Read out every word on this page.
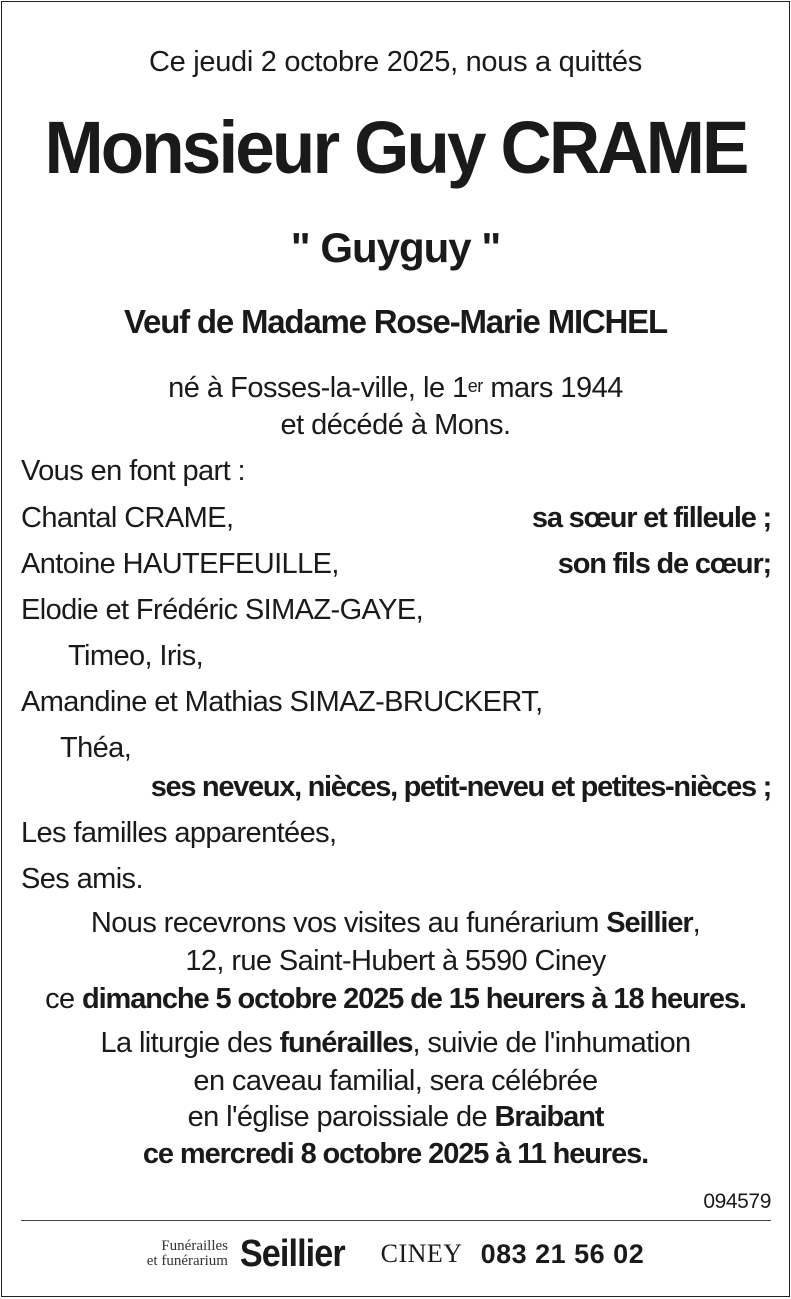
Ce jeudi 2 octobre 2025, nous a quittés
Monsieur Guy CRAME
" Guyguy "
Veuf de Madame Rose-Marie MICHEL
né à Fosses-la-ville, le 1er mars 1944
et décédé à Mons.
Vous en font part :
Chantal CRAME,	sa sœur et filleule ;
Antoine HAUTEFEUILLE,	son fils de cœur;
Elodie et Frédéric SIMAZ-GAYE,
Timeo, Iris,
Amandine et Mathias SIMAZ-BRUCKERT,
Théa,
ses neveux, nièces, petit-neveu et petites-nièces ;
Les familles apparentées,
Ses amis.
Nous recevrons vos visites au funérarium Seillier,
12, rue Saint-Hubert à 5590 Ciney
ce dimanche 5 octobre 2025 de 15 heurers à 18 heures.
La liturgie des funérailles, suivie de l'inhumation
en caveau familial, sera célébrée
en l'église paroissiale de Braibant
ce mercredi 8 octobre 2025 à 11 heures.
094579
Funérailles
et funérarium Seillier CINEY 083 21 56 02
